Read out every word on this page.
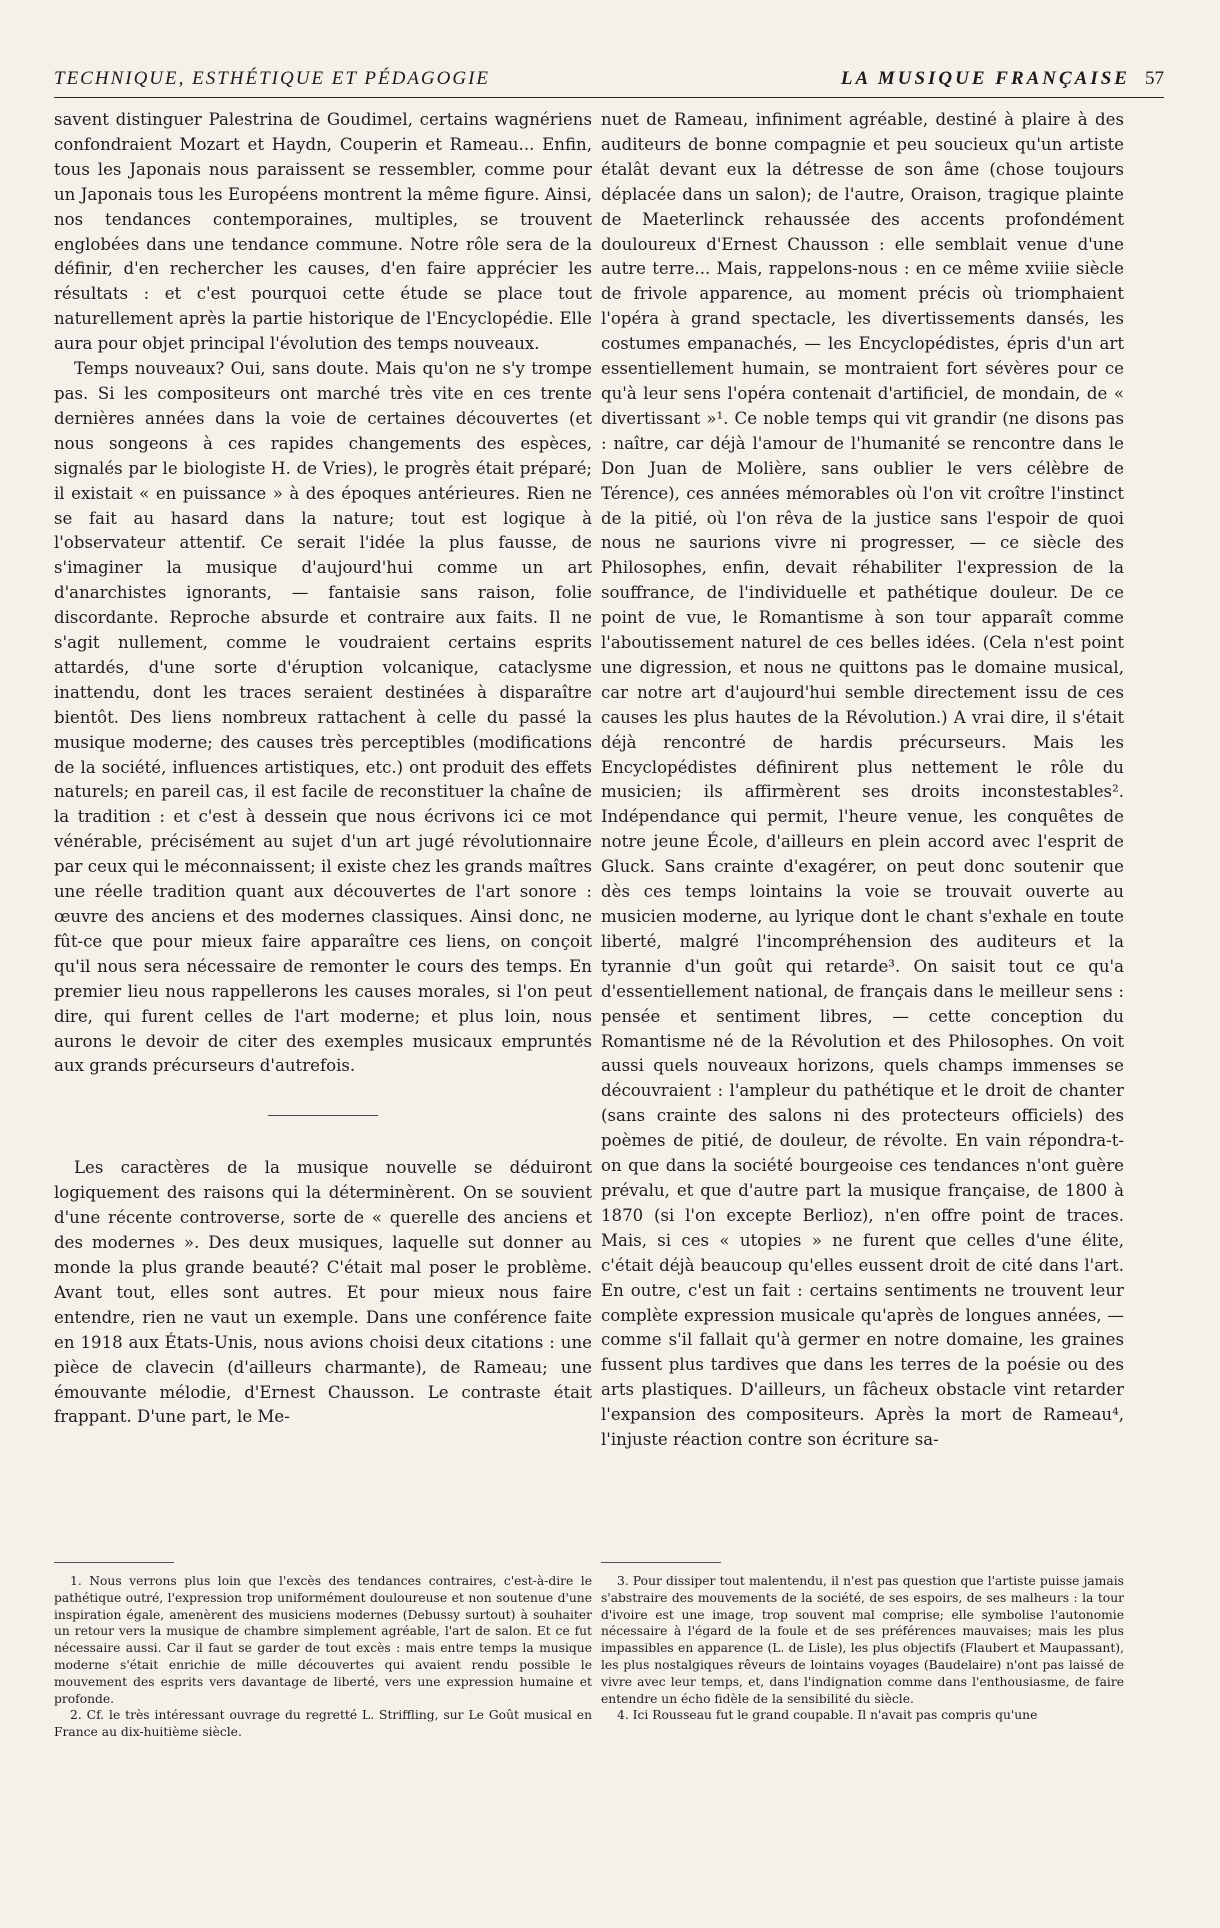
TECHNIQUE, ESTHÉTIQUE ET PÉDAGOGIE	LA MUSIQUE FRANÇAISE 57

savent distinguer Palestrina de Goudimel, certains wagnériens confondraient Mozart et Haydn, Couperin et Rameau... Enfin, tous les Japonais nous paraissent se ressembler, comme pour un Japonais tous les Européens montrent la même figure. Ainsi, nos tendances contemporaines, multiples, se trouvent englobées dans une tendance commune. Notre rôle sera de la définir, d'en rechercher les causes, d'en faire apprécier les résultats : et c'est pourquoi cette étude se place tout naturellement après la partie historique de l'Encyclopédie. Elle aura pour objet principal l'évolution des temps nouveaux.

Temps nouveaux? Oui, sans doute. Mais qu'on ne s'y trompe pas. Si les compositeurs ont marché très vite en ces trente dernières années dans la voie de certaines découvertes (et nous songeons à ces rapides changements des espèces, signalés par le biologiste H. de Vries), le progrès était préparé; il existait « en puissance » à des époques antérieures. Rien ne se fait au hasard dans la nature; tout est logique à l'observateur attentif. Ce serait l'idée la plus fausse, de s'imaginer la musique d'aujourd'hui comme un art d'anarchistes ignorants, — fantaisie sans raison, folie discordante. Reproche absurde et contraire aux faits. Il ne s'agit nullement, comme le voudraient certains esprits attardés, d'une sorte d'éruption volcanique, cataclysme inattendu, dont les traces seraient destinées à disparaître bientôt. Des liens nombreux rattachent à celle du passé la musique moderne; des causes très perceptibles (modifications de la société, influences artistiques, etc.) ont produit des effets naturels; en pareil cas, il est facile de reconstituer la chaîne de la tradition : et c'est à dessein que nous écrivons ici ce mot vénérable, précisément au sujet d'un art jugé révolutionnaire par ceux qui le méconnaissent; il existe chez les grands maîtres une réelle tradition quant aux découvertes de l'art sonore : œuvre des anciens et des modernes classiques. Ainsi donc, ne fût-ce que pour mieux faire apparaître ces liens, on conçoit qu'il nous sera nécessaire de remonter le cours des temps. En premier lieu nous rappellerons les causes morales, si l'on peut dire, qui furent celles de l'art moderne; et plus loin, nous aurons le devoir de citer des exemples musicaux empruntés aux grands précurseurs d'autrefois.

Les caractères de la musique nouvelle se déduiront logiquement des raisons qui la déterminèrent. On se souvient d'une récente controverse, sorte de « querelle des anciens et des modernes ». Des deux musiques, laquelle sut donner au monde la plus grande beauté? C'était mal poser le problème. Avant tout, elles sont autres. Et pour mieux nous faire entendre, rien ne vaut un exemple. Dans une conférence faite en 1918 aux États-Unis, nous avions choisi deux citations : une pièce de clavecin (d'ailleurs charmante), de Rameau; une émouvante mélodie, d'Ernest Chausson. Le contraste était frappant. D'une part, le Me-

nuet de Rameau, infiniment agréable, destiné à plaire à des auditeurs de bonne compagnie et peu soucieux qu'un artiste étalât devant eux la détresse de son âme (chose toujours déplacée dans un salon); de l'autre, Oraison, tragique plainte de Maeterlinck rehaussée des accents profondément douloureux d'Ernest Chausson : elle semblait venue d'une autre terre... Mais, rappelons-nous : en ce même xviiie siècle de frivole apparence, au moment précis où triomphaient l'opéra à grand spectacle, les divertissements dansés, les costumes empanachés, — les Encyclopédistes, épris d'un art essentiellement humain, se montraient fort sévères pour ce qu'à leur sens l'opéra contenait d'artificiel, de mondain, de « divertissant »¹. Ce noble temps qui vit grandir (ne disons pas : naître, car déjà l'amour de l'humanité se rencontre dans le Don Juan de Molière, sans oublier le vers célèbre de Térence), ces années mémorables où l'on vit croître l'instinct de la pitié, où l'on rêva de la justice sans l'espoir de quoi nous ne saurions vivre ni progresser, — ce siècle des Philosophes, enfin, devait réhabiliter l'expression de la souffrance, de l'individuelle et pathétique douleur. De ce point de vue, le Romantisme à son tour apparaît comme l'aboutissement naturel de ces belles idées. (Cela n'est point une digression, et nous ne quittons pas le domaine musical, car notre art d'aujourd'hui semble directement issu de ces causes les plus hautes de la Révolution.) A vrai dire, il s'était déjà rencontré de hardis précurseurs. Mais les Encyclopédistes définirent plus nettement le rôle du musicien; ils affirmèrent ses droits inconstestables². Indépendance qui permit, l'heure venue, les conquêtes de notre jeune École, d'ailleurs en plein accord avec l'esprit de Gluck. Sans crainte d'exagérer, on peut donc soutenir que dès ces temps lointains la voie se trouvait ouverte au musicien moderne, au lyrique dont le chant s'exhale en toute liberté, malgré l'incompréhension des auditeurs et la tyrannie d'un goût qui retarde³. On saisit tout ce qu'a d'essentiellement national, de français dans le meilleur sens : pensée et sentiment libres, — cette conception du Romantisme né de la Révolution et des Philosophes. On voit aussi quels nouveaux horizons, quels champs immenses se découvraient : l'ampleur du pathétique et le droit de chanter (sans crainte des salons ni des protecteurs officiels) des poèmes de pitié, de douleur, de révolte. En vain répondra-t-on que dans la société bourgeoise ces tendances n'ont guère prévalu, et que d'autre part la musique française, de 1800 à 1870 (si l'on excepte Berlioz), n'en offre point de traces. Mais, si ces « utopies » ne furent que celles d'une élite, c'était déjà beaucoup qu'elles eussent droit de cité dans l'art. En outre, c'est un fait : certains sentiments ne trouvent leur complète expression musicale qu'après de longues années, — comme s'il fallait qu'à germer en notre domaine, les graines fussent plus tardives que dans les terres de la poésie ou des arts plastiques. D'ailleurs, un fâcheux obstacle vint retarder l'expansion des compositeurs. Après la mort de Rameau⁴, l'injuste réaction contre son écriture sa-

1. Nous verrons plus loin que l'excès des tendances contraires, c'est-à-dire le pathétique outré, l'expression trop uniformément douloureuse et non soutenue d'une inspiration égale, amenèrent des musiciens modernes (Debussy surtout) à souhaiter un retour vers la musique de chambre simplement agréable, l'art de salon. Et ce fut nécessaire aussi. Car il faut se garder de tout excès : mais entre temps la musique moderne s'était enrichie de mille découvertes qui avaient rendu possible le mouvement des esprits vers davantage de liberté, vers une expression humaine et profonde.

2. Cf. le très intéressant ouvrage du regretté L. Striffling, sur Le Goût musical en France au dix-huitième siècle.

3. Pour dissiper tout malentendu, il n'est pas question que l'artiste puisse jamais s'abstraire des mouvements de la société, de ses espoirs, de ses malheurs : la tour d'ivoire est une image, trop souvent mal comprise; elle symbolise l'autonomie nécessaire à l'égard de la foule et de ses préférences mauvaises; mais les plus impassibles en apparence (L. de Lisle), les plus objectifs (Flaubert et Maupassant), les plus nostalgiques rêveurs de lointains voyages (Baudelaire) n'ont pas laissé de vivre avec leur temps, et, dans l'indignation comme dans l'enthousiasme, de faire entendre un écho fidèle de la sensibilité du siècle.

4. Ici Rousseau fut le grand coupable. Il n'avait pas compris qu'une
